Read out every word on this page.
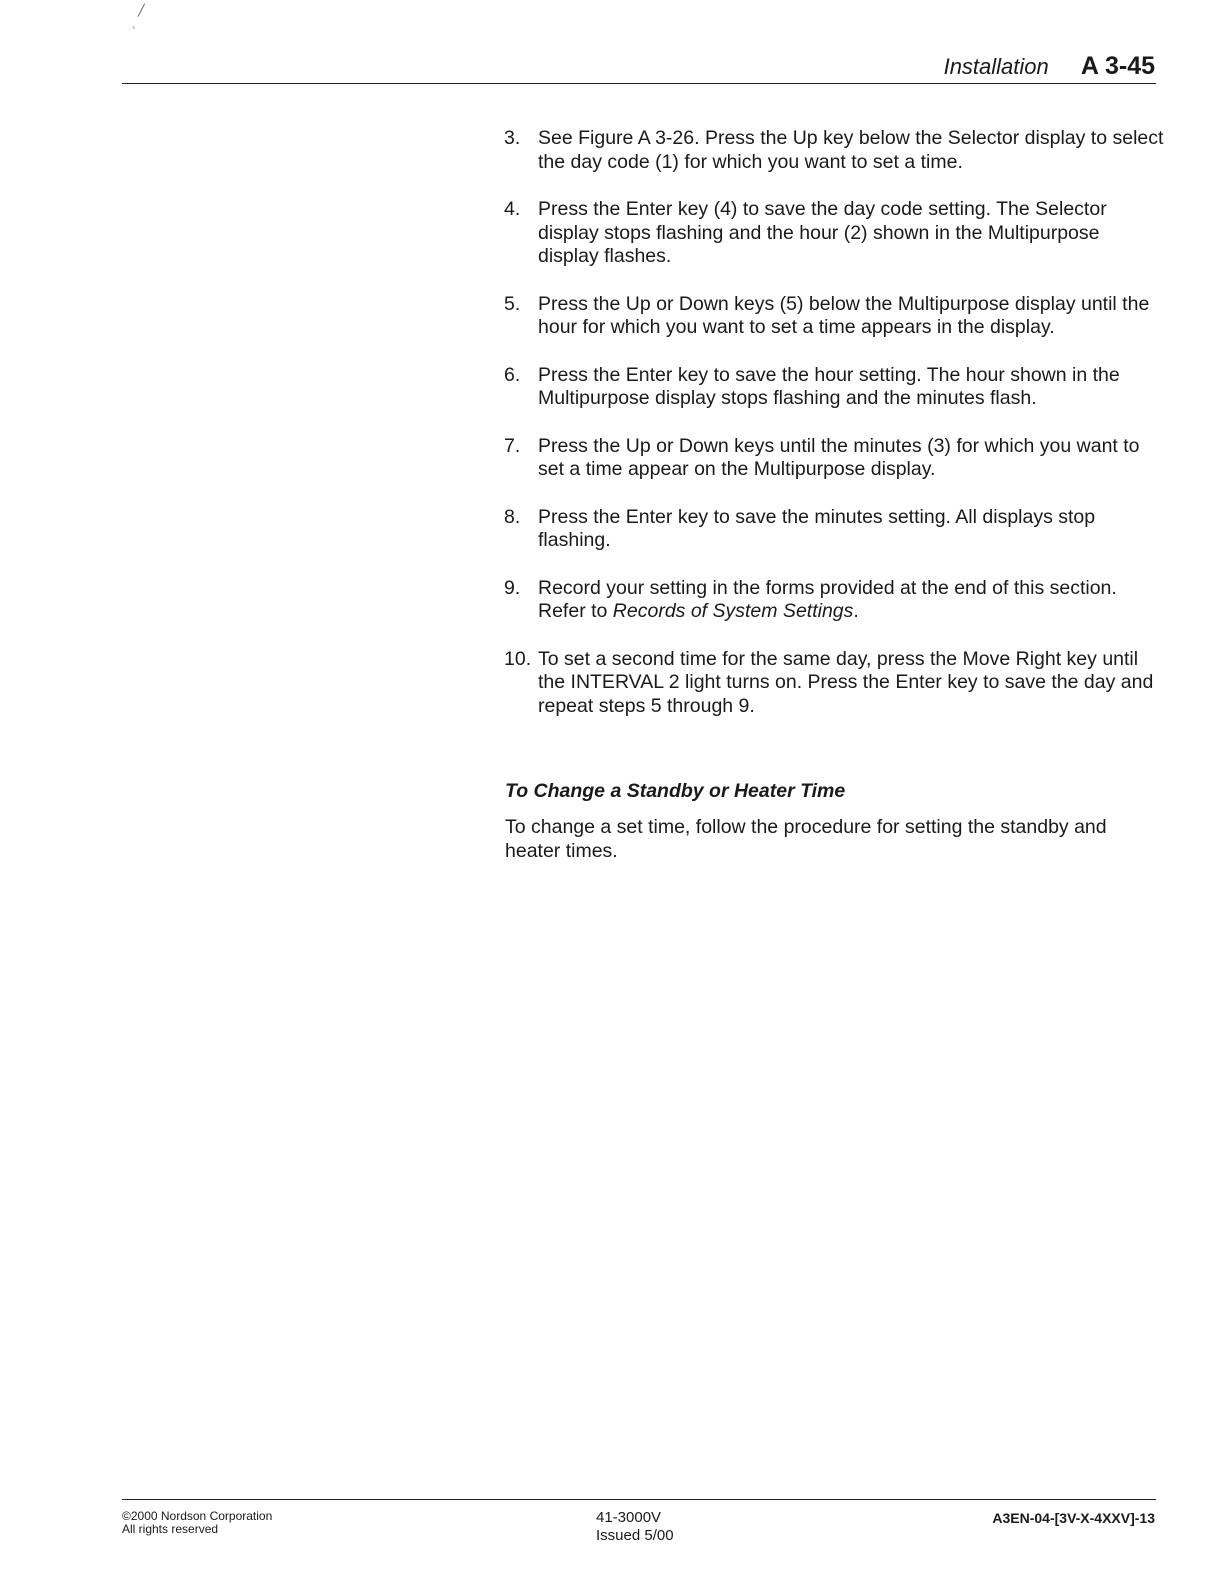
╱
`
Installation A 3-45
3. See Figure A 3-26. Press the Up key below the Selector display to select the day code (1) for which you want to set a time.
4. Press the Enter key (4) to save the day code setting. The Selector display stops flashing and the hour (2) shown in the Multipurpose display flashes.
5. Press the Up or Down keys (5) below the Multipurpose display until the hour for which you want to set a time appears in the display.
6. Press the Enter key to save the hour setting. The hour shown in the Multipurpose display stops flashing and the minutes flash.
7. Press the Up or Down keys until the minutes (3) for which you want to set a time appear on the Multipurpose display.
8. Press the Enter key to save the minutes setting. All displays stop flashing.
9. Record your setting in the forms provided at the end of this section. Refer to Records of System Settings.
10. To set a second time for the same day, press the Move Right key until the INTERVAL 2 light turns on. Press the Enter key to save the day and repeat steps 5 through 9.
To Change a Standby or Heater Time
To change a set time, follow the procedure for setting the standby and heater times.
©2000 Nordson Corporation
All rights reserved
41-3000V
Issued 5/00
A3EN-04-[3V-X-4XXV]-13
